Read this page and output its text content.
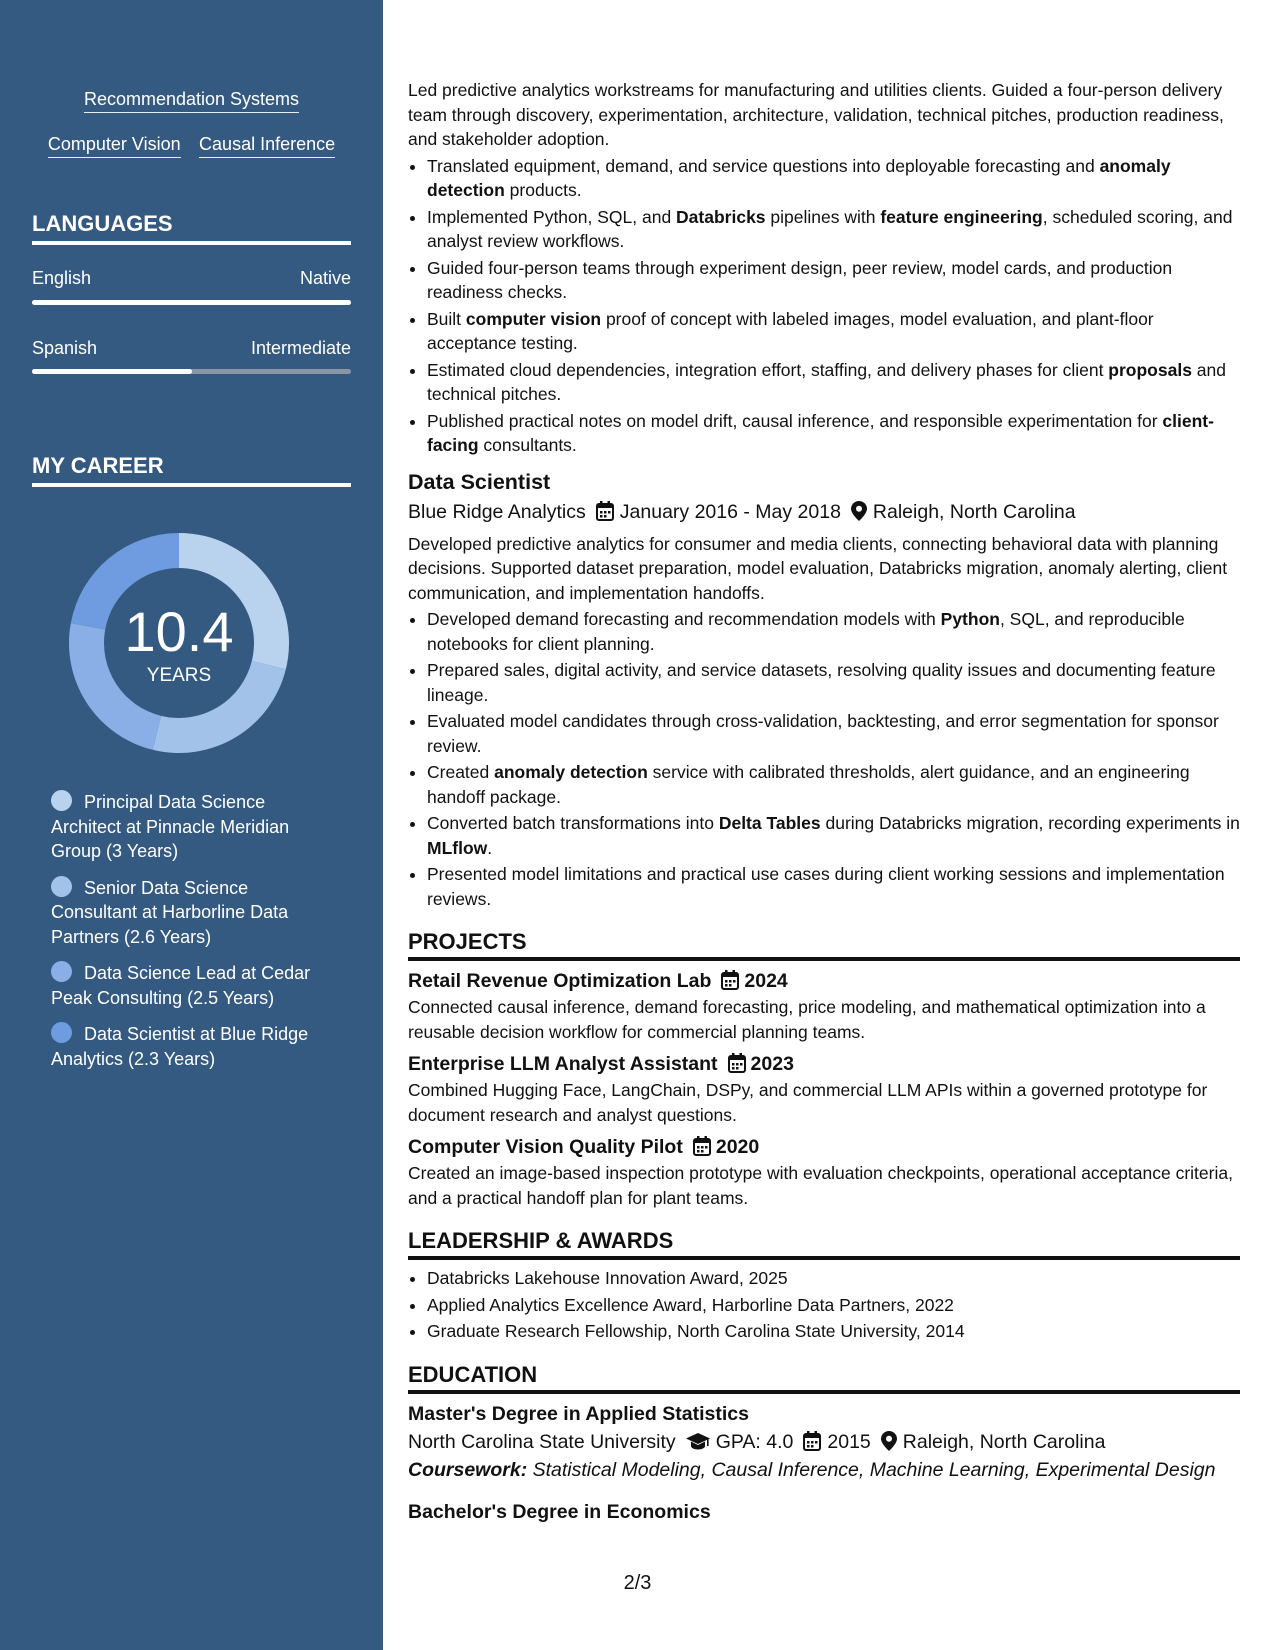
Recommendation Systems
Computer Vision Causal Inference
LANGUAGES
English	Native
Spanish	Intermediate
MY CAREER
10.4
YEARS
Principal Data Science Architect at Pinnacle Meridian Group (3 Years)
Senior Data Science Consultant at Harborline Data Partners (2.6 Years)
Data Science Lead at Cedar Peak Consulting (2.5 Years)
Data Scientist at Blue Ridge Analytics (2.3 Years)

Led predictive analytics workstreams for manufacturing and utilities clients. Guided a four-person delivery team through discovery, experimentation, architecture, validation, technical pitches, production readiness, and stakeholder adoption.

• Translated equipment, demand, and service questions into deployable forecasting and anomaly detection products.
• Implemented Python, SQL, and Databricks pipelines with feature engineering, scheduled scoring, and analyst review workflows.
• Guided four-person teams through experiment design, peer review, model cards, and production readiness checks.
• Built computer vision proof of concept with labeled images, model evaluation, and plant-floor acceptance testing.
• Estimated cloud dependencies, integration effort, staffing, and delivery phases for client proposals and technical pitches.
• Published practical notes on model drift, causal inference, and responsible experimentation for client-facing consultants.
Data Scientist
Blue Ridge Analytics January 2016 - May 2018 Raleigh, North Carolina

Developed predictive analytics for consumer and media clients, connecting behavioral data with planning decisions. Supported dataset preparation, model evaluation, Databricks migration, anomaly alerting, client communication, and implementation handoffs.

• Developed demand forecasting and recommendation models with Python, SQL, and reproducible notebooks for client planning.
• Prepared sales, digital activity, and service datasets, resolving quality issues and documenting feature lineage.
• Evaluated model candidates through cross-validation, backtesting, and error segmentation for sponsor review.
• Created anomaly detection service with calibrated thresholds, alert guidance, and an engineering handoff package.
• Converted batch transformations into Delta Tables during Databricks migration, recording experiments in MLflow.
• Presented model limitations and practical use cases during client working sessions and implementation reviews.
PROJECTS
Retail Revenue Optimization Lab 2024

Connected causal inference, demand forecasting, price modeling, and mathematical optimization into a reusable decision workflow for commercial planning teams.

Enterprise LLM Analyst Assistant 2023

Combined Hugging Face, LangChain, DSPy, and commercial LLM APIs within a governed prototype for document research and analyst questions.

Computer Vision Quality Pilot 2020

Created an image-based inspection prototype with evaluation checkpoints, operational acceptance criteria, and a practical handoff plan for plant teams.

LEADERSHIP & AWARDS
• Databricks Lakehouse Innovation Award, 2025
• Applied Analytics Excellence Award, Harborline Data Partners, 2022
• Graduate Research Fellowship, North Carolina State University, 2014
EDUCATION
Master's Degree in Applied Statistics
North Carolina State University GPA: 4.0 2015 Raleigh, North Carolina
Coursework: Statistical Modeling, Causal Inference, Machine Learning, Experimental Design
Bachelor's Degree in Economics
2/3
